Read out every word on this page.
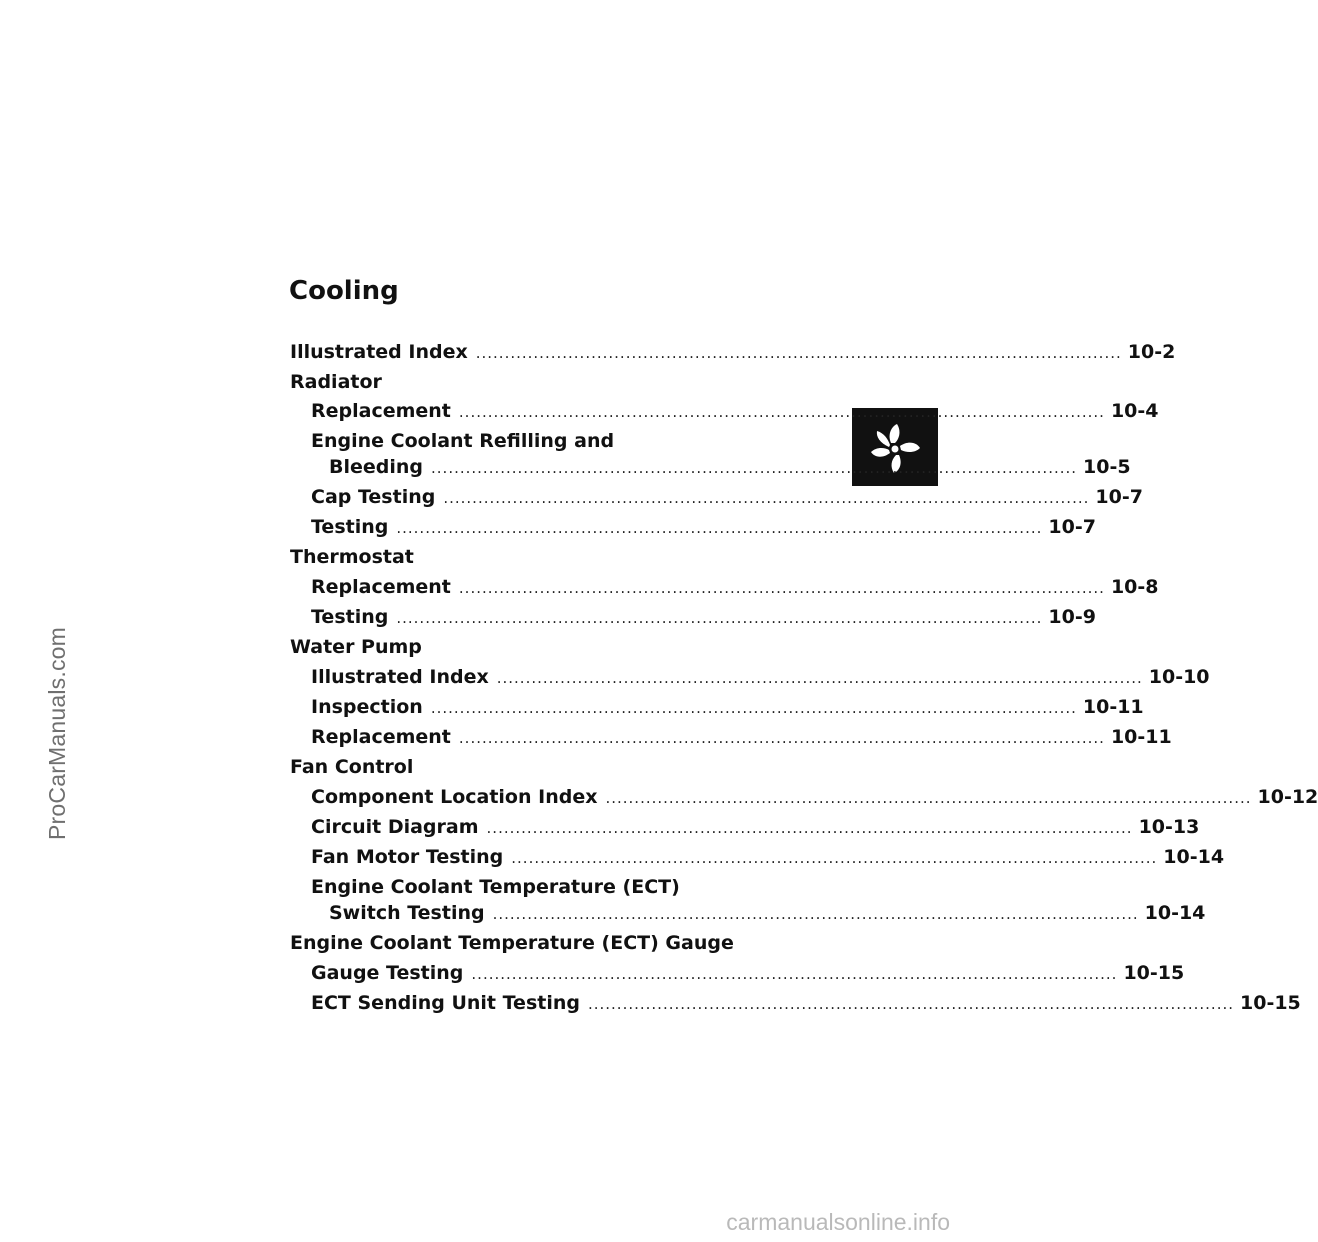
ProCarManuals.com
Cooling
Illustrated Index ................................................................................................................ 10-2
Radiator
Replacement ................................................................................................................ 10-4
Engine Coolant Refilling and
Bleeding ................................................................................................................ 10-5
Cap Testing ................................................................................................................ 10-7
Testing ................................................................................................................ 10-7
Thermostat
Replacement ................................................................................................................ 10-8
Testing ................................................................................................................ 10-9
Water Pump
Illustrated Index ................................................................................................................ 10-10
Inspection ................................................................................................................ 10-11
Replacement ................................................................................................................ 10-11
Fan Control
Component Location Index ................................................................................................................ 10-12
Circuit Diagram ................................................................................................................ 10-13
Fan Motor Testing ................................................................................................................ 10-14
Engine Coolant Temperature (ECT)
Switch Testing ................................................................................................................ 10-14
Engine Coolant Temperature (ECT) Gauge
Gauge Testing ................................................................................................................ 10-15
ECT Sending Unit Testing ................................................................................................................ 10-15
carmanualsonline.info
